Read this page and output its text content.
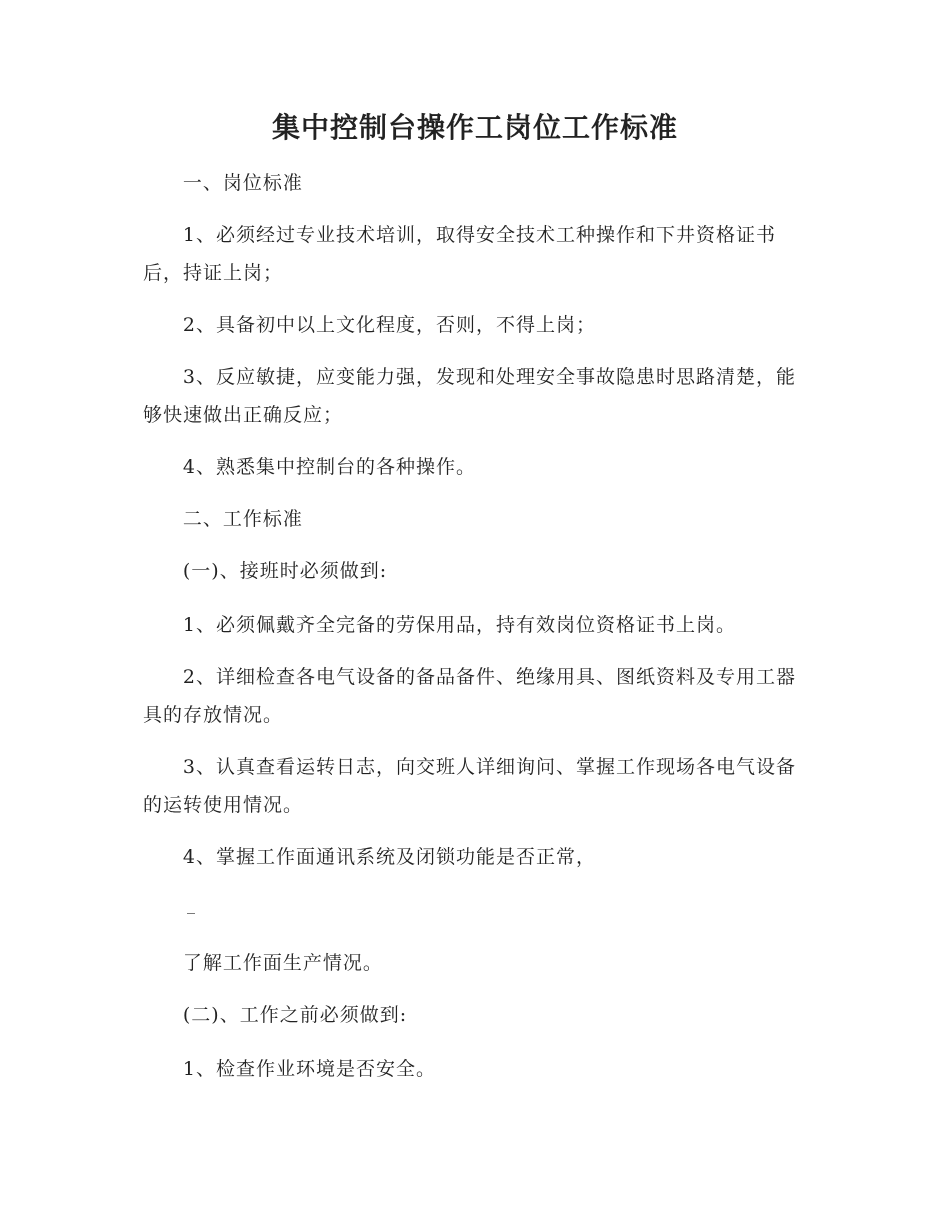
集中控制台操作工岗位工作标准
一、岗位标准
1、必须经过专业技术培训，取得安全技术工种操作和下井资格证书后，持证上岗；
2、具备初中以上文化程度，否则，不得上岗；
3、反应敏捷，应变能力强，发现和处理安全事故隐患时思路清楚，能够快速做出正确反应；
4、熟悉集中控制台的各种操作。
二、工作标准
(一)、接班时必须做到:
1、必须佩戴齐全完备的劳保用品，持有效岗位资格证书上岗。
2、详细检查各电气设备的备品备件、绝缘用具、图纸资料及专用工器具的存放情况。
3、认真查看运转日志，向交班人详细询问、掌握工作现场各电气设备的运转使用情况。
4、掌握工作面通讯系统及闭锁功能是否正常，
_
了解工作面生产情况。
(二)、工作之前必须做到:
1、检查作业环境是否安全。
